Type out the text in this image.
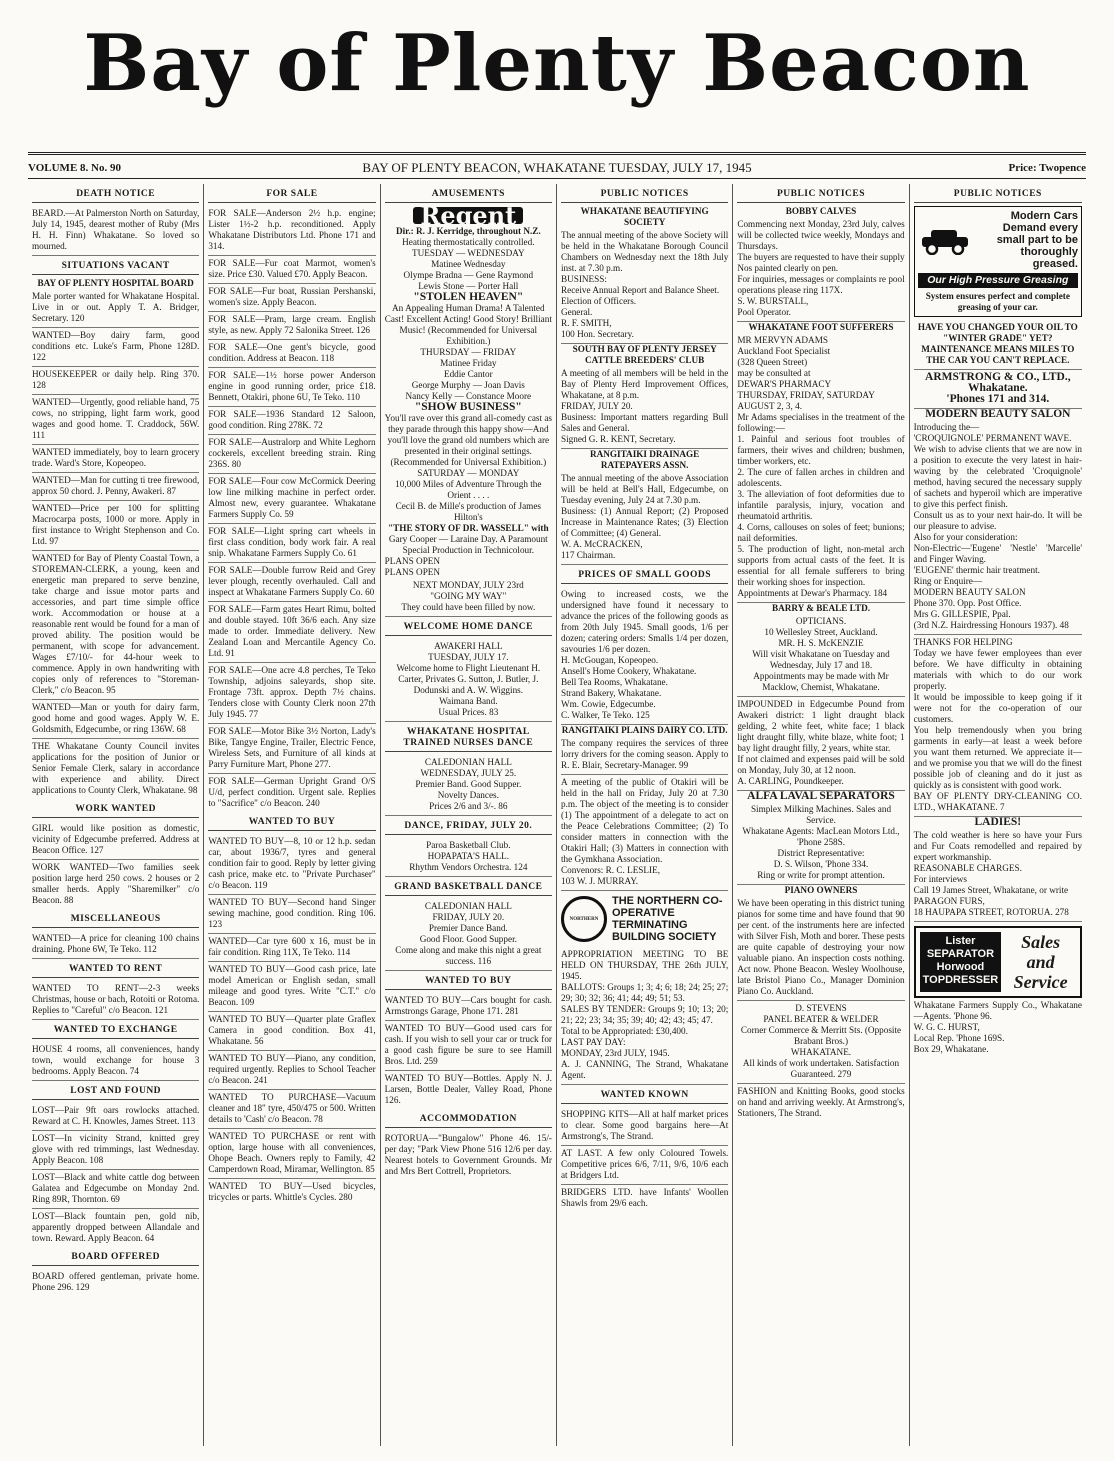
Bay of Plenty Beacon
VOLUME 8. No. 90	BAY OF PLENTY BEACON, WHAKATANE TUESDAY, JULY 17, 1945	Price: Twopence
DEATH NOTICE
BEARD.—At Palmerston North on Saturday, July 14, 1945, dearest mother of Ruby (Mrs H. H. Finn) Whakatane. So loved so mourned.
SITUATIONS VACANT
BAY OF PLENTY HOSPITAL BOARD
Male porter wanted for Whakatane Hospital. Live in or out. Apply T. A. Bridger, Secretary. 120
WANTED—Boy dairy farm, good conditions etc. Luke's Farm, Phone 128D. 122
HOUSEKEEPER or daily help. Ring 370. 128
WANTED—Urgently, good reliable hand, 75 cows, no stripping, light farm work, good wages and good home. T. Craddock, 56W. 111
WANTED immediately, boy to learn grocery trade. Ward's Store, Kopeopeo.
WANTED—Man for cutting ti tree firewood, approx 50 chord. J. Penny, Awakeri. 87
WANTED—Price per 100 for splitting Macrocarpa posts, 1000 or more. Apply in first instance to Wright Stephenson and Co. Ltd. 97
WANTED for Bay of Plenty Coastal Town, a STOREMAN-CLERK, a young, keen and energetic man prepared to serve benzine, take charge and issue motor parts and accessories, and part time simple office work. Accommodation or house at a reasonable rent would be found for a man of proved ability. The position would be permanent, with scope for advancement. Wages £7/10/- for 44-hour week to commence. Apply in own handwriting with copies only of references to "Storeman-Clerk," c/o Beacon. 95
WANTED—Man or youth for dairy farm, good home and good wages. Apply W. E. Goldsmith, Edgecumbe, or ring 136W. 68
THE Whakatane County Council invites applications for the position of Junior or Senior Female Clerk, salary in accordance with experience and ability. Direct applications to County Clerk, Whakatane. 98
WORK WANTED
GIRL would like position as domestic, vicinity of Edgecumbe preferred. Address at Beacon Office. 127
WORK WANTED—Two families seek position large herd 250 cows. 2 houses or 2 smaller herds. Apply "Sharemilker" c/o Beacon. 88
MISCELLANEOUS
WANTED—A price for cleaning 100 chains draining. Phone 6W, Te Teko. 112
WANTED TO RENT
WANTED TO RENT—2-3 weeks Christmas, house or bach, Rotoiti or Rotoma. Replies to "Careful" c/o Beacon. 121
WANTED TO EXCHANGE
HOUSE 4 rooms, all conveniences, handy town, would exchange for house 3 bedrooms. Apply Beacon. 74
LOST AND FOUND
LOST—Pair 9ft oars rowlocks attached. Reward at C. H. Knowles, James Street. 113
LOST—In vicinity Strand, knitted grey glove with red trimmings, last Wednesday. Apply Beacon. 108
LOST—Black and white cattle dog between Galatea and Edgecumbe on Monday 2nd. Ring 89R, Thornton. 69
LOST—Black fountain pen, gold nib, apparently dropped between Allandale and town. Reward. Apply Beacon. 64
BOARD OFFERED
BOARD offered gentleman, private home. Phone 296. 129
FOR SALE
FOR SALE—Anderson 2½ h.p. engine; Lister 1½-2 h.p. reconditioned. Apply Whakatane Distributors Ltd. Phone 171 and 314.
FOR SALE—Fur coat Marmot, women's size. Price £30. Valued £70. Apply Beacon.
FOR SALE—Fur boat, Russian Pershanski, women's size. Apply Beacon.
FOR SALE—Pram, large cream. English style, as new. Apply 72 Salonika Street. 126
FOR SALE—One gent's bicycle, good condition. Address at Beacon. 118
FOR SALE—1½ horse power Anderson engine in good running order, price £18. Bennett, Otakiri, phone 6U, Te Teko. 110
FOR SALE—1936 Standard 12 Saloon, good condition. Ring 278K. 72
FOR SALE—Australorp and White Leghorn cockerels, excellent breeding strain. Ring 236S. 80
FOR SALE—Four cow McCormick Deering low line milking machine in perfect order. Almost new, every guarantee. Whakatane Farmers Supply Co. 59
FOR SALE—Light spring cart wheels in first class condition, body work fair. A real snip. Whakatane Farmers Supply Co. 61
FOR SALE—Double furrow Reid and Grey lever plough, recently overhauled. Call and inspect at Whakatane Farmers Supply Co. 60
FOR SALE—Farm gates Heart Rimu, bolted and double stayed. 10ft 36/6 each. Any size made to order. Immediate delivery. New Zealand Loan and Mercantile Agency Co. Ltd. 91
FOR SALE—One acre 4.8 perches, Te Teko Township, adjoins saleyards, shop site. Frontage 73ft. approx. Depth 7½ chains. Tenders close with County Clerk noon 27th July 1945. 77
FOR SALE—Motor Bike 3½ Norton, Lady's Bike, Tangye Engine, Trailer, Electric Fence, Wireless Sets, and Furniture of all kinds at Parry Furniture Mart, Phone 277.
FOR SALE—German Upright Grand O/S U/d, perfect condition. Urgent sale. Replies to "Sacrifice" c/o Beacon. 240
WANTED TO BUY
WANTED TO BUY—8, 10 or 12 h.p. sedan car, about 1936/7, tyres and general condition fair to good. Reply by letter giving cash price, make etc. to "Private Purchaser" c/o Beacon. 119
WANTED TO BUY—Second hand Singer sewing machine, good condition. Ring 106. 123
WANTED—Car tyre 600 x 16, must be in fair condition. Ring 11X, Te Teko. 114
WANTED TO BUY—Good cash price, late model American or English sedan, small mileage and good tyres. Write "C.T." c/o Beacon. 109
WANTED TO BUY—Quarter plate Graflex Camera in good condition. Box 41, Whakatane. 56
WANTED TO BUY—Piano, any condition, required urgently. Replies to School Teacher c/o Beacon. 241
WANTED TO PURCHASE—Vacuum cleaner and 18" tyre, 450/475 or 500. Written details to 'Cash' c/o Beacon. 78
WANTED TO PURCHASE or rent with option, large house with all conveniences, Ohope Beach. Owners reply to Family, 42 Camperdown Road, Miramar, Wellington. 85
WANTED TO BUY—Used bicycles, tricycles or parts. Whittle's Cycles. 280
AMUSEMENTS
Regent
Dir.: R. J. Kerridge, throughout N.Z.
Heating thermostatically controlled.
TUESDAY — WEDNESDAY
Matinee Wednesday
Olympe Bradna — Gene Raymond
Lewis Stone — Porter Hall
"STOLEN HEAVEN"
An Appealing Human Drama! A Talented Cast! Excellent Acting! Good Story! Brilliant Music! (Recommended for Universal Exhibition.)
THURSDAY — FRIDAY
Matinee Friday
Eddie Cantor
George Murphy — Joan Davis
Nancy Kelly — Constance Moore
"SHOW BUSINESS"
You'll rave over this grand all-comedy cast as they parade through this happy show—And you'll love the grand old numbers which are presented in their original settings. (Recommended for Universal Exhibition.)
SATURDAY — MONDAY
10,000 Miles of Adventure Through the Orient . . . .
Cecil B. de Mille's production of James Hilton's
"THE STORY OF DR. WASSELL" with
Gary Cooper — Laraine Day. A Paramount Special Production in Technicolour.
PLANS OPEN
PLANS OPEN
NEXT MONDAY, JULY 23rd
"GOING MY WAY"
They could have been filled by now.
WELCOME HOME DANCE
AWAKERI HALL
TUESDAY, JULY 17.
Welcome home to Flight Lieutenant H. Carter, Privates G. Sutton, J. Butler, J. Dodunski and A. W. Wiggins.
Waimana Band.
Usual Prices. 83
WHAKATANE HOSPITAL TRAINED NURSES DANCE
CALEDONIAN HALL
WEDNESDAY, JULY 25.
Premier Band. Good Supper.
Novelty Dances.
Prices 2/6 and 3/-. 86
DANCE, FRIDAY, JULY 20.
Paroa Basketball Club.
HOPAPATA'S HALL.
Rhythm Vendors Orchestra. 124
GRAND BASKETBALL DANCE
CALEDONIAN HALL
FRIDAY, JULY 20.
Premier Dance Band.
Good Floor. Good Supper.
Come along and make this night a great success. 116
WANTED TO BUY
WANTED TO BUY—Cars bought for cash. Armstrongs Garage, Phone 171. 281
WANTED TO BUY—Good used cars for cash. If you wish to sell your car or truck for a good cash figure be sure to see Hamill Bros. Ltd. 259
WANTED TO BUY—Bottles. Apply N. J. Larsen, Bottle Dealer, Valley Road, Phone 126.
ACCOMMODATION
ROTORUA—"Bungalow" Phone 46. 15/- per day; "Park View Phone 516 12/6 per day. Nearest hotels to Government Grounds. Mr and Mrs Bert Cottrell, Proprietors.
PUBLIC NOTICES
WHAKATANE BEAUTIFYING SOCIETY
The annual meeting of the above Society will be held in the Whakatane Borough Council Chambers on Wednesday next the 18th July inst. at 7.30 p.m.
BUSINESS:
Receive Annual Report and Balance Sheet.
Election of Officers.
General.
R. F. SMITH,
100 Hon. Secretary.
SOUTH BAY OF PLENTY JERSEY CATTLE BREEDERS' CLUB
A meeting of all members will be held in the Bay of Plenty Herd Improvement Offices, Whakatane, at 8 p.m.
FRIDAY, JULY 20.
Business: Important matters regarding Bull Sales and General.
Signed G. R. KENT, Secretary.
RANGITAIKI DRAINAGE RATEPAYERS ASSN.
The annual meeting of the above Association will be held at Bell's Hall, Edgecumbe, on Tuesday evening, July 24 at 7.30 p.m.
Business: (1) Annual Report; (2) Proposed Increase in Maintenance Rates; (3) Election of Committee; (4) General.
W. A. McCRACKEN,
117 Chairman.
PRICES OF SMALL GOODS
Owing to increased costs, we the undersigned have found it necessary to advance the prices of the following goods as from 20th July 1945. Small goods, 1/6 per dozen; catering orders: Smalls 1/4 per dozen, savouries 1/6 per dozen.
H. McGougan, Kopeopeo.
Ansell's Home Cookery, Whakatane.
Bell Tea Rooms, Whakatane.
Strand Bakery, Whakatane.
Wm. Cowie, Edgecumbe.
C. Walker, Te Teko. 125
RANGITAIKI PLAINS DAIRY CO. LTD.
The company requires the services of three lorry drivers for the coming season. Apply to R. E. Blair, Secretary-Manager. 99
A meeting of the public of Otakiri will be held in the hall on Friday, July 20 at 7.30 p.m. The object of the meeting is to consider (1) The appointment of a delegate to act on the Peace Celebrations Committee; (2) To consider matters in connection with the Otakiri Hall; (3) Matters in connection with the Gymkhana Association.
Convenors: R. C. LESLIE,
103 W. J. MURRAY.
NORTHERN
THE NORTHERN CO-OPERATIVE TERMINATING BUILDING SOCIETY
APPROPRIATION MEETING TO BE HELD ON THURSDAY, THE 26th JULY, 1945.
BALLOTS: Groups 1; 3; 4; 6; 18; 24; 25; 27; 29; 30; 32; 36; 41; 44; 49; 51; 53.
SALES BY TENDER: Groups 9; 10; 13; 20; 21; 22; 23; 34; 35; 39; 40; 42; 43; 45; 47.
Total to be Appropriated: £30,400.
LAST PAY DAY:
MONDAY, 23rd JULY, 1945.
A. J. CANNING, The Strand, Whakatane Agent.
WANTED KNOWN
SHOPPING KITS—All at half market prices to clear. Some good bargains here—At Armstrong's, The Strand.
AT LAST. A few only Coloured Towels. Competitive prices 6/6, 7/11, 9/6, 10/6 each at Bridgers Ltd.
BRIDGERS LTD. have Infants' Woollen Shawls from 29/6 each.
PUBLIC NOTICES
BOBBY CALVES
Commencing next Monday, 23rd July, calves will be collected twice weekly, Mondays and Thursdays.
The buyers are requested to have their supply Nos painted clearly on pen.
For inquiries, messages or complaints re pool operations please ring 117X.
S. W. BURSTALL,
Pool Operator.
WHAKATANE FOOT SUFFERERS
MR MERVYN ADAMS
Auckland Foot Specialist
(328 Queen Street)
may be consulted at
DEWAR'S PHARMACY
THURSDAY, FRIDAY, SATURDAY
AUGUST 2, 3, 4.
Mr Adams specialises in the treatment of the following:—
1. Painful and serious foot troubles of farmers, their wives and children; bushmen, timber workers, etc.
2. The cure of fallen arches in children and adolescents.
3. The alleviation of foot deformities due to infantile paralysis, injury, vocation and rheumatoid arthritis.
4. Corns, callouses on soles of feet; bunions; nail deformities.
5. The production of light, non-metal arch supports from actual casts of the feet. It is essential for all female sufferers to bring their working shoes for inspection.
Appointments at Dewar's Pharmacy. 184
BARRY & BEALE LTD.
OPTICIANS.
10 Wellesley Street, Auckland.
MR. H. S. McKENZIE
Will visit Whakatane on Tuesday and Wednesday, July 17 and 18.
Appointments may be made with Mr Macklow, Chemist, Whakatane.
IMPOUNDED in Edgecumbe Pound from Awakeri district: 1 light draught black gelding, 2 white feet, white face; 1 black light draught filly, white blaze, white foot; 1 bay light draught filly, 2 years, white star.
If not claimed and expenses paid will be sold on Monday, July 30, at 12 noon.
A. CARLING, Poundkeeper.
ALFA LAVAL SEPARATORS
Simplex Milking Machines. Sales and Service.
Whakatane Agents: MacLean Motors Ltd., 'Phone 258S.
District Representative:
D. S. Wilson, 'Phone 334.
Ring or write for prompt attention.
PIANO OWNERS
We have been operating in this district tuning pianos for some time and have found that 90 per cent. of the instruments here are infected with Silver Fish, Moth and borer. These pests are quite capable of destroying your now valuable piano. An inspection costs nothing. Act now. Phone Beacon. Wesley Woolhouse, late Bristol Piano Co., Manager Dominion Piano Co. Auckland.
D. STEVENS
PANEL BEATER & WELDER
Corner Commerce & Merritt Sts. (Opposite Brabant Bros.)
WHAKATANE.
All kinds of work undertaken. Satisfaction Guaranteed. 279
FASHION and Knitting Books, good stocks on hand and arriving weekly. At Armstrong's, Stationers, The Strand.
PUBLIC NOTICES
Modern Cars Demand every small part to be thoroughly greased.
Our High Pressure Greasing
System ensures perfect and complete greasing of your car.
HAVE YOU CHANGED YOUR OIL TO "WINTER GRADE" YET?
MAINTENANCE MEANS MILES TO THE CAR YOU CAN'T REPLACE.
ARMSTRONG & CO., LTD., Whakatane.
'Phones 171 and 314.
MODERN BEAUTY SALON
Introducing the—
'CROQUIGNOLE' PERMANENT WAVE.
We wish to advise clients that we are now in a position to execute the very latest in hair-waving by the celebrated 'Croquignole' method, having secured the necessary supply of sachets and hyperoil which are imperative to give this perfect finish.
Consult us as to your next hair-do. It will be our pleasure to advise.
Also for your consideration:
Non-Electric—'Eugene' 'Nestle' 'Marcelle' and Finger Waving.
'EUGENE' thermic hair treatment.
Ring or Enquire—
MODERN BEAUTY SALON
Phone 370. Opp. Post Office.
Mrs G. GILLESPIE, Ppal.
(3rd N.Z. Hairdressing Honours 1937). 48
THANKS FOR HELPING
Today we have fewer employees than ever before. We have difficulty in obtaining materials with which to do our work properly.
It would be impossible to keep going if it were not for the co-operation of our customers.
You help tremendously when you bring garments in early—at least a week before you want them returned. We appreciate it—and we promise you that we will do the finest possible job of cleaning and do it just as quickly as is consistent with good work.
BAY OF PLENTY DRY-CLEANING CO. LTD., WHAKATANE. 7
LADIES!
The cold weather is here so have your Furs and Fur Coats remodelled and repaired by expert workmanship.
REASONABLE CHARGES.
For interviews
Call 19 James Street, Whakatane, or write
PARAGON FURS,
18 HAUPAPA STREET, ROTORUA. 278
Lister
SEPARATOR
Horwood
TOPDRESSER
Sales and Service
Whakatane Farmers Supply Co., Whakatane—Agents. 'Phone 96.
W. G. C. HURST,
Local Rep. 'Phone 169S.
Box 29, Whakatane.
